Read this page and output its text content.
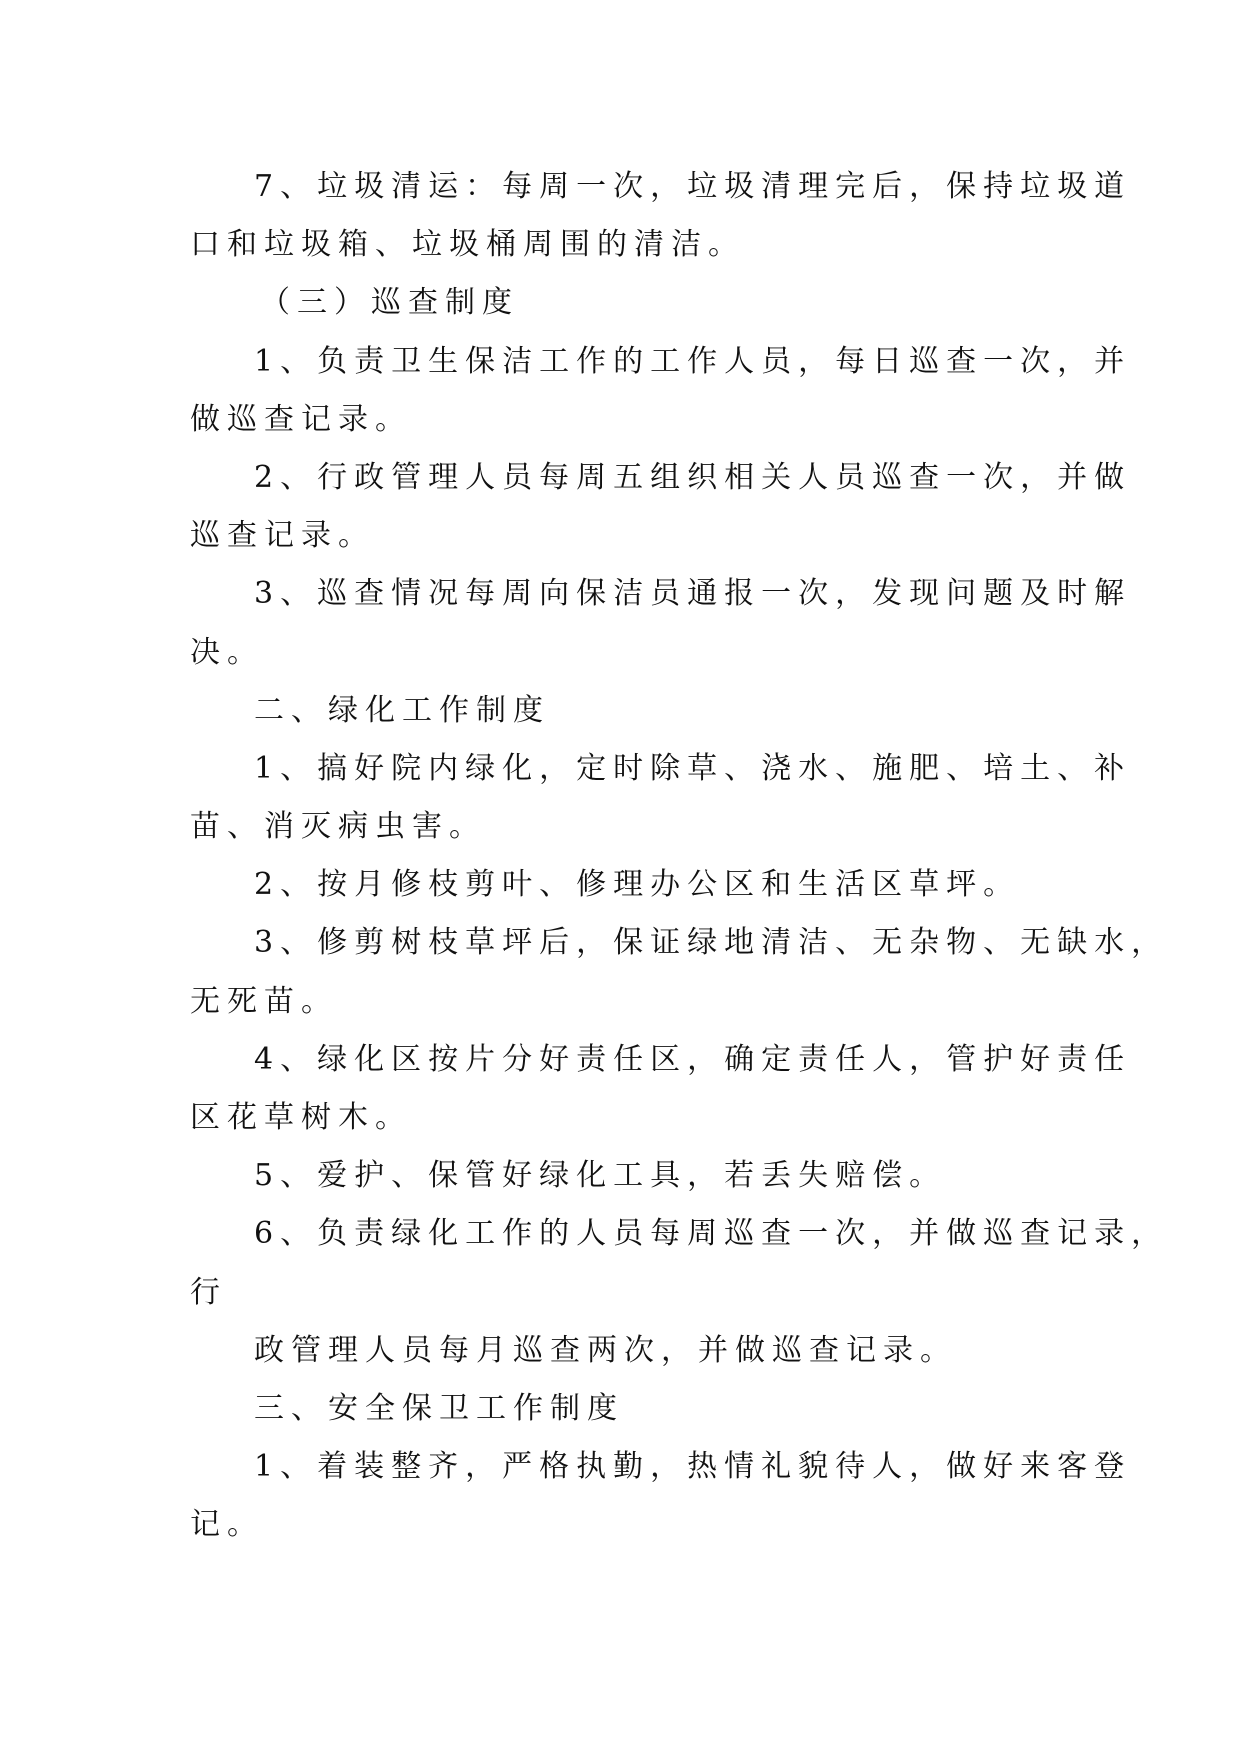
7、垃圾清运：每周一次，垃圾清理完后，保持垃圾道
口和垃圾箱、垃圾桶周围的清洁。
（三）巡查制度
1、负责卫生保洁工作的工作人员，每日巡查一次，并
做巡查记录。
2、行政管理人员每周五组织相关人员巡查一次，并做
巡查记录。
3、巡查情况每周向保洁员通报一次，发现问题及时解
决。
二、绿化工作制度
1、搞好院内绿化，定时除草、浇水、施肥、培土、补
苗、消灭病虫害。
2、按月修枝剪叶、修理办公区和生活区草坪。
3、修剪树枝草坪后，保证绿地清洁、无杂物、无缺水，
无死苗。
4、绿化区按片分好责任区，确定责任人，管护好责任
区花草树木。
5、爱护、保管好绿化工具，若丢失赔偿。
6、负责绿化工作的人员每周巡查一次，并做巡查记录，
行
政管理人员每月巡查两次，并做巡查记录。
三、安全保卫工作制度
1、着装整齐，严格执勤，热情礼貌待人，做好来客登
记。
